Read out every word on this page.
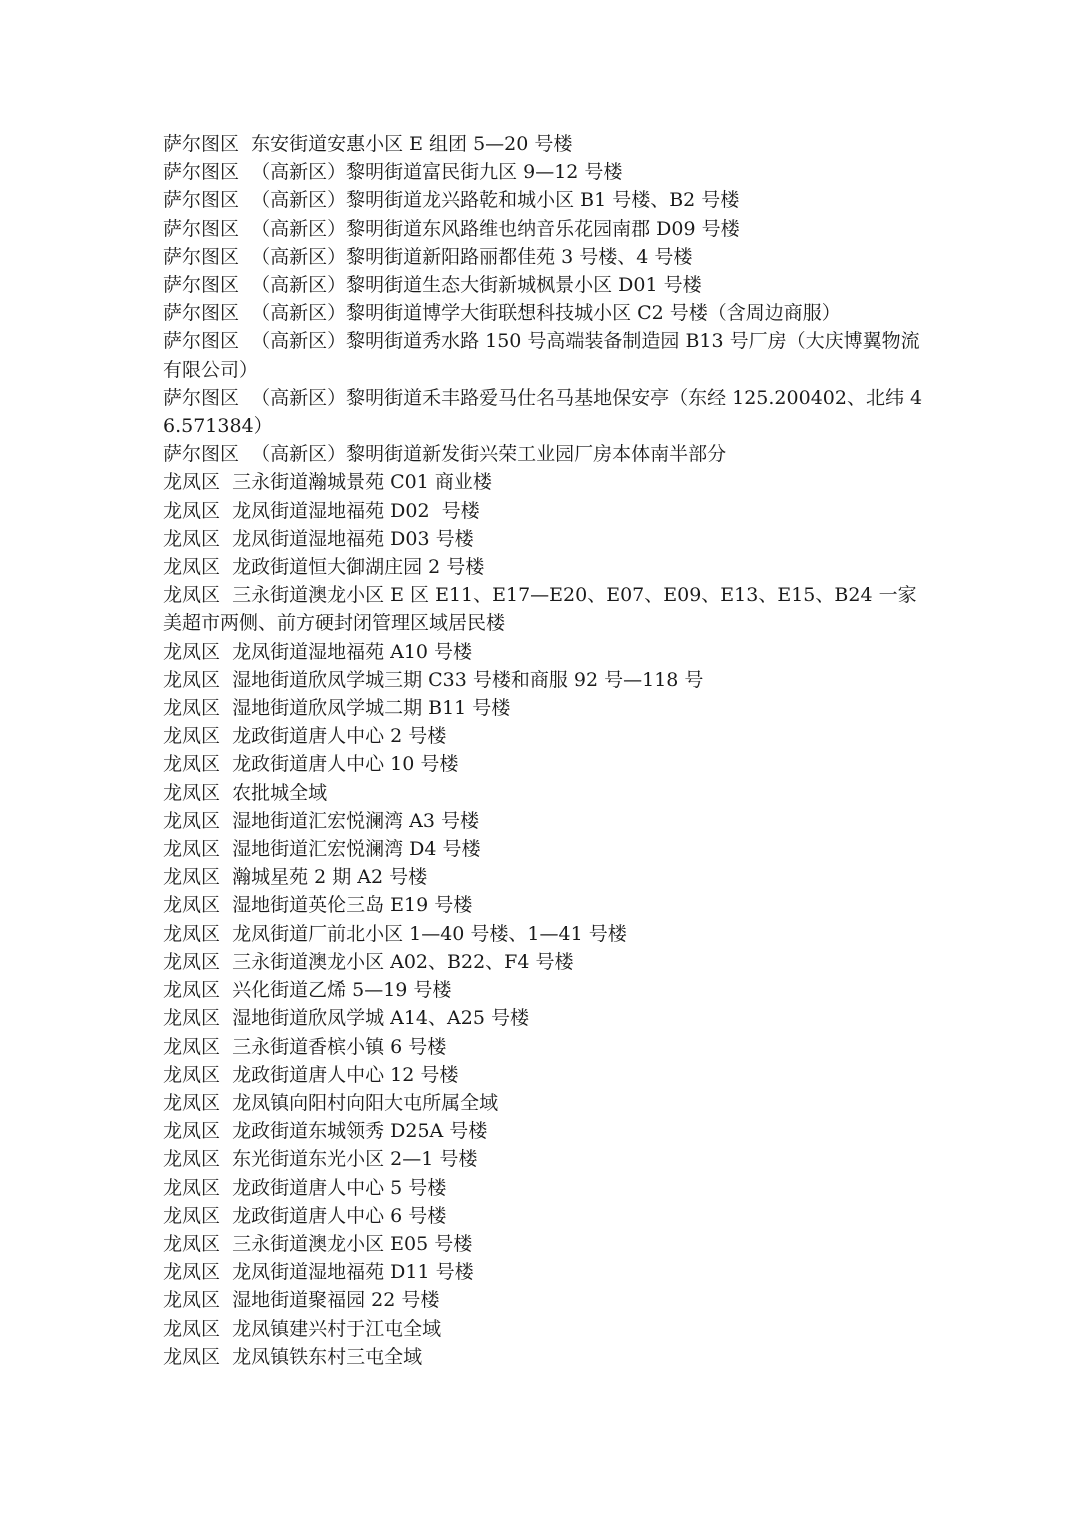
萨尔图区  东安街道安惠小区 E 组团 5—20 号楼

萨尔图区  （高新区）黎明街道富民街九区 9—12 号楼

萨尔图区  （高新区）黎明街道龙兴路乾和城小区 B1 号楼、B2 号楼

萨尔图区  （高新区）黎明街道东风路维也纳音乐花园南郡 D09 号楼

萨尔图区  （高新区）黎明街道新阳路丽都佳苑 3 号楼、4 号楼

萨尔图区  （高新区）黎明街道生态大街新城枫景小区 D01 号楼

萨尔图区  （高新区）黎明街道博学大街联想科技城小区 C2 号楼（含周边商服）

萨尔图区  （高新区）黎明街道秀水路 150 号高端装备制造园 B13 号厂房（大庆博翼物流有限公司）

萨尔图区  （高新区）黎明街道禾丰路爱马仕名马基地保安亭（东经 125.200402、北纬 46.571384）

萨尔图区  （高新区）黎明街道新发街兴荣工业园厂房本体南半部分

龙凤区  三永街道瀚城景苑 C01 商业楼

龙凤区  龙凤街道湿地福苑 D02  号楼

龙凤区  龙凤街道湿地福苑 D03 号楼

龙凤区  龙政街道恒大御湖庄园 2 号楼

龙凤区  三永街道澳龙小区 E 区 E11、E17—E20、E07、E09、E13、E15、B24 一家美超市两侧、前方硬封闭管理区域居民楼

龙凤区  龙凤街道湿地福苑 A10 号楼

龙凤区  湿地街道欣凤学城三期 C33 号楼和商服 92 号—118 号

龙凤区  湿地街道欣凤学城二期 B11 号楼

龙凤区  龙政街道唐人中心 2 号楼

龙凤区  龙政街道唐人中心 10 号楼

龙凤区  农批城全域

龙凤区  湿地街道汇宏悦澜湾 A3 号楼

龙凤区  湿地街道汇宏悦澜湾 D4 号楼

龙凤区  瀚城星苑 2 期 A2 号楼

龙凤区  湿地街道英伦三岛 E19 号楼

龙凤区  龙凤街道厂前北小区 1—40 号楼、1—41 号楼

龙凤区  三永街道澳龙小区 A02、B22、F4 号楼

龙凤区  兴化街道乙烯 5—19 号楼

龙凤区  湿地街道欣凤学城 A14、A25 号楼

龙凤区  三永街道香槟小镇 6 号楼

龙凤区  龙政街道唐人中心 12 号楼

龙凤区  龙凤镇向阳村向阳大屯所属全域

龙凤区  龙政街道东城领秀 D25A 号楼

龙凤区  东光街道东光小区 2—1 号楼

龙凤区  龙政街道唐人中心 5 号楼

龙凤区  龙政街道唐人中心 6 号楼

龙凤区  三永街道澳龙小区 E05 号楼

龙凤区  龙凤街道湿地福苑 D11 号楼

龙凤区  湿地街道聚福园 22 号楼

龙凤区  龙凤镇建兴村于江屯全域

龙凤区  龙凤镇铁东村三屯全域
